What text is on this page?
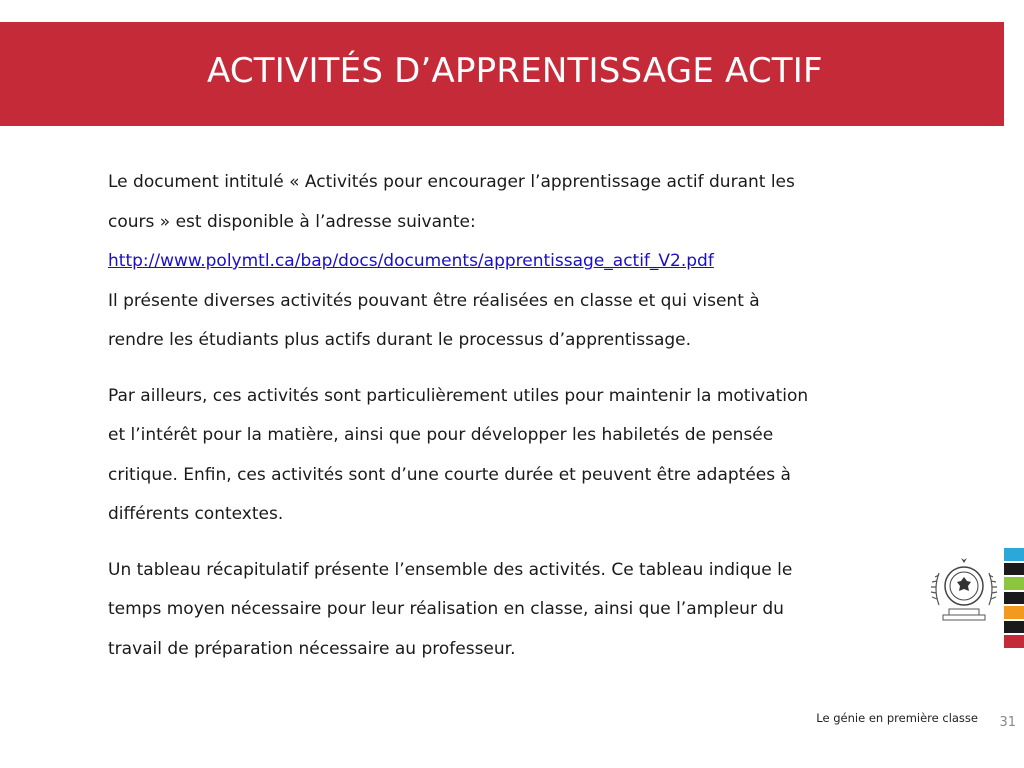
ACTIVITÉS D’APPRENTISSAGE ACTIF

Le document intitulé « Activités pour encourager l’apprentissage actif durant les
cours » est disponible à l’adresse suivante:
http://www.polymtl.ca/bap/docs/documents/apprentissage_actif_V2.pdf
Il présente diverses activités pouvant être réalisées en classe et qui visent à
rendre les étudiants plus actifs durant le processus d’apprentissage.

Par ailleurs, ces activités sont particulièrement utiles pour maintenir la motivation
et l’intérêt pour la matière, ainsi que pour développer les habiletés de pensée
critique. Enfin, ces activités sont d’une courte durée et peuvent être adaptées à
différents contextes.

Un tableau récapitulatif présente l’ensemble des activités. Ce tableau indique le
temps moyen nécessaire pour leur réalisation en classe, ainsi que l’ampleur du
travail de préparation nécessaire au professeur.

Le génie en première classe	31
